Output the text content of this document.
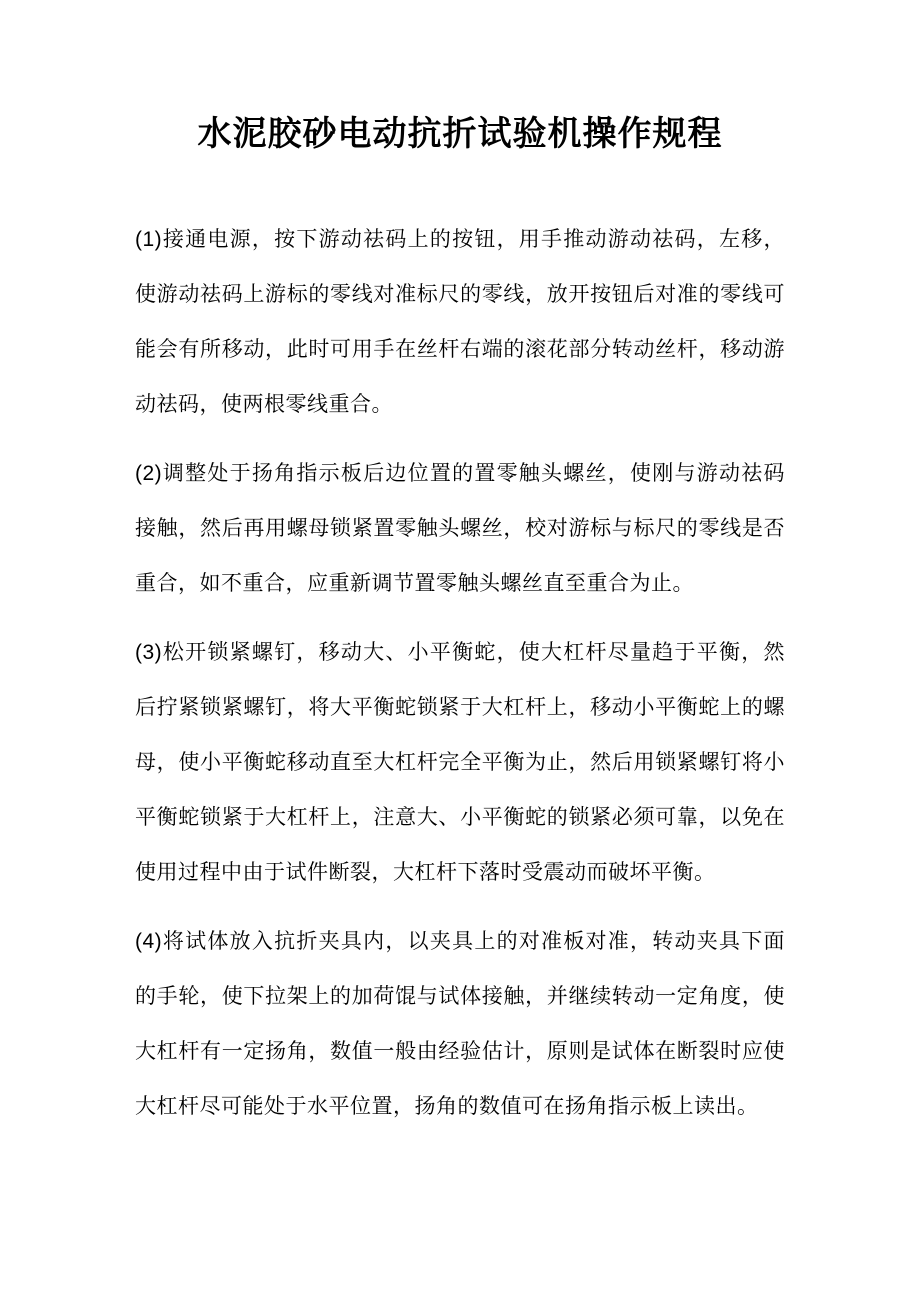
水泥胶砂电动抗折试验机操作规程

(1)接通电源，按下游动祛码上的按钮，用手推动游动祛码，左移，使游动祛码上游标的零线对准标尺的零线，放开按钮后对准的零线可能会有所移动，此时可用手在丝杆右端的滚花部分转动丝杆，移动游动祛码，使两根零线重合。

(2)调整处于扬角指示板后边位置的置零触头螺丝，使刚与游动祛码接触，然后再用螺母锁紧置零触头螺丝，校对游标与标尺的零线是否重合，如不重合，应重新调节置零触头螺丝直至重合为止。

(3)松开锁紧螺钉，移动大、小平衡蛇，使大杠杆尽量趋于平衡，然后拧紧锁紧螺钉，将大平衡蛇锁紧于大杠杆上，移动小平衡蛇上的螺母，使小平衡蛇移动直至大杠杆完全平衡为止，然后用锁紧螺钉将小平衡蛇锁紧于大杠杆上，注意大、小平衡蛇的锁紧必须可靠，以免在使用过程中由于试件断裂，大杠杆下落时受震动而破坏平衡。

(4)将试体放入抗折夹具内，以夹具上的对准板对准，转动夹具下面的手轮，使下拉架上的加荷馄与试体接触，并继续转动一定角度，使大杠杆有一定扬角，数值一般由经验估计，原则是试体在断裂时应使大杠杆尽可能处于水平位置，扬角的数值可在扬角指示板上读出。
